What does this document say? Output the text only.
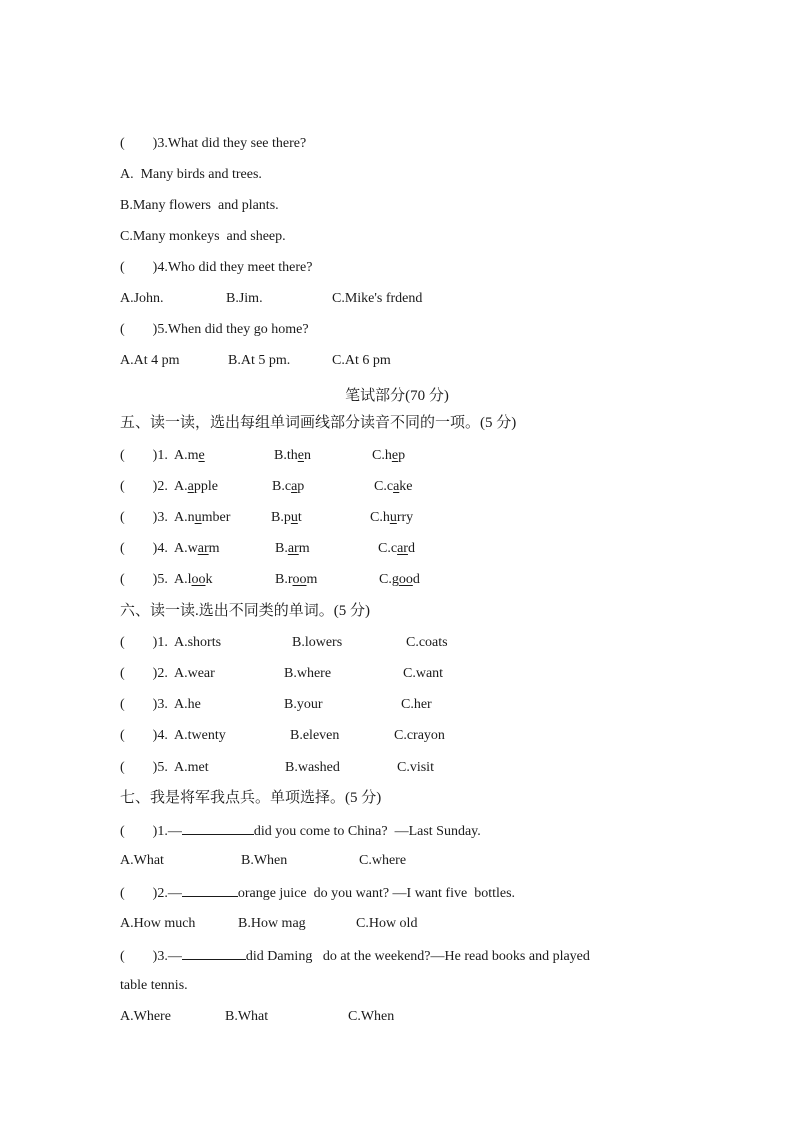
(        )3.What did they see there?
A.  Many birds and trees.
B.Many flowers  and plants.
C.Many monkeys  and sheep.
(        )4.Who did they meet there?

A.John.

	B.Jim.

	C.Mike's frdend

(        )5.When did they go home?

A.At 4 pm

	B.At 5 pm.

	C.At 6 pm

笔试部分(70 分)
五、读一读，选出每组单词画线部分读音不同的一项。(5 分)

(        )1.

A.me

	B.then

	C.hep

(        )2.

A.apple

	B.cap

	C.cake

(        )3.

A.number

	B.put

	C.hurry

(        )4.

A.warm

	B.arm

	C.card

(        )5.

A.look

	B.room

	C.good

六、读一读.选出不同类的单词。(5 分)

(        )1.

A.shorts

	B.lowers

	C.coats

(        )2.

A.wear

	B.where

	C.want

(        )3.

A.he

	B.your

	C.her

(        )4.

A.twenty

	B.eleven

	C.crayon

(        )5.

A.met

	B.washed

	C.visit

七、我是将军我点兵。单项选择。(5 分)
(        )1.—	did you come to China?  —Last Sunday.

A.What

	B.When

	C.where

(        )2.—	orange juice  do you want? —I want five  bottles.

A.How much

	B.How mag

	C.How old

(        )3.—	did Daming   do at the weekend?—He read books and played
table tennis.

A.Where

	B.What

	C.When
